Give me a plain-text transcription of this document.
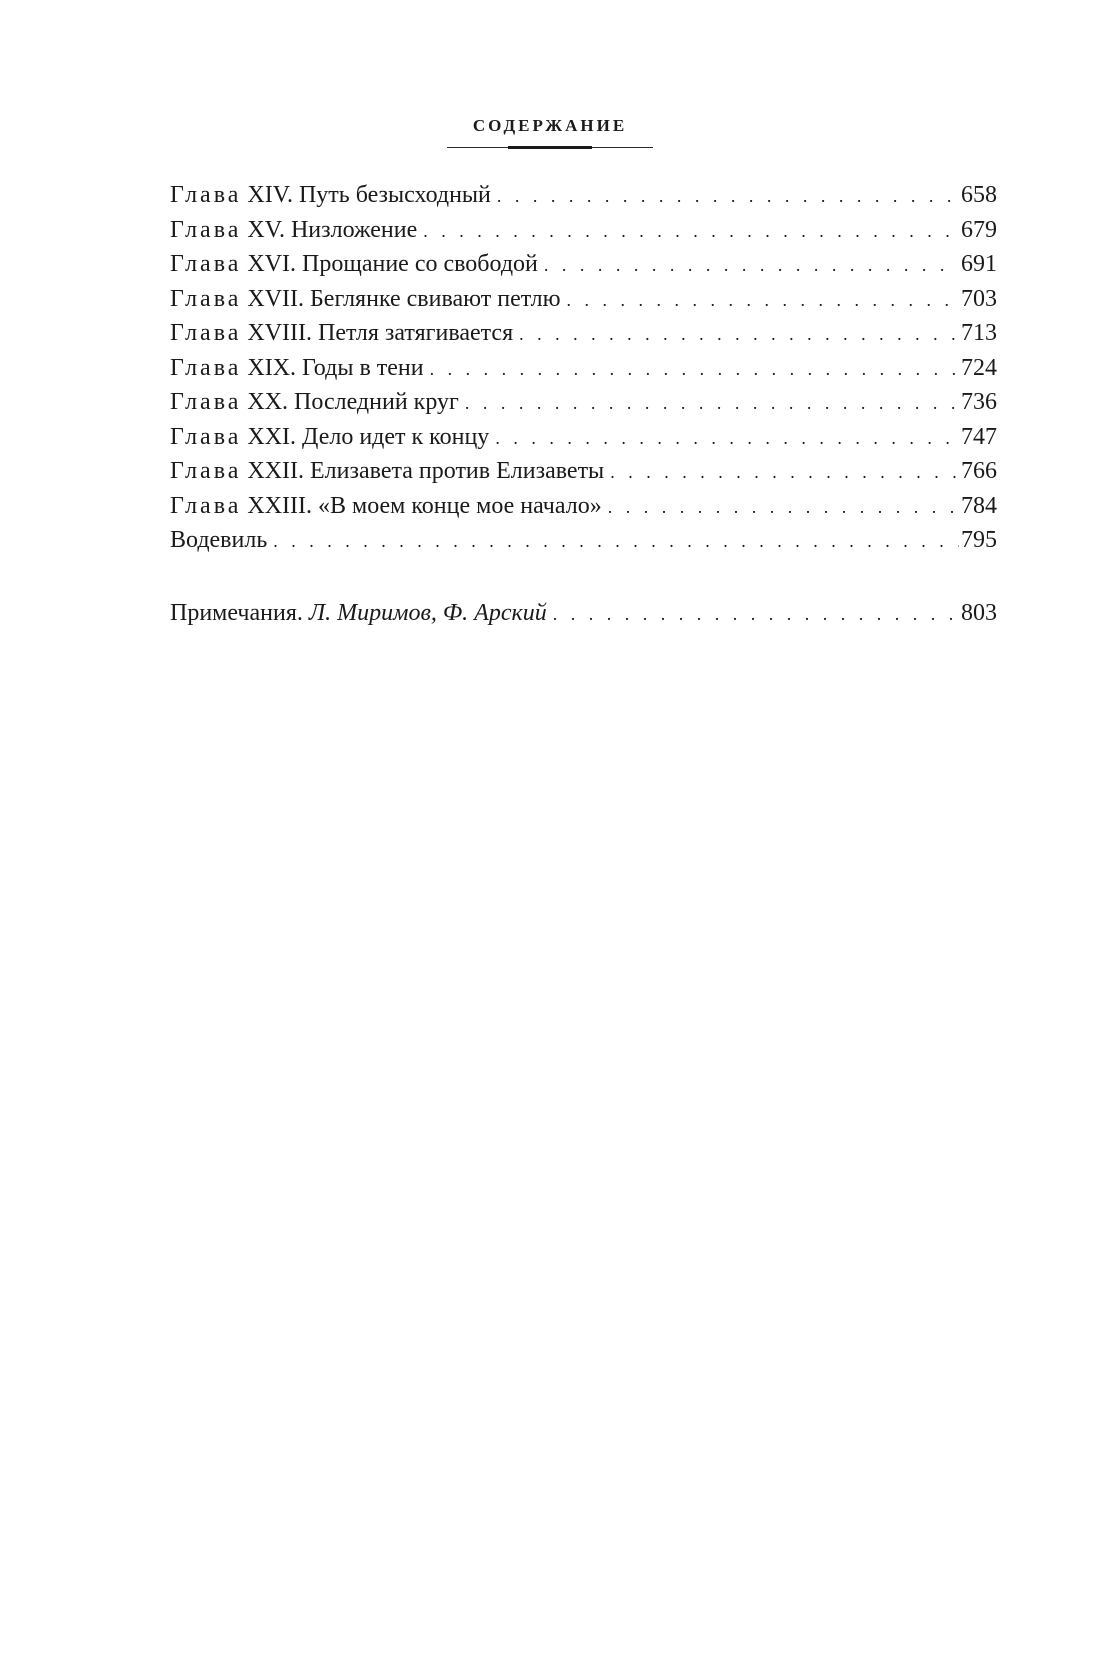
СОДЕРЖАНИЕ
Глава XIV. Путь безысходный . . .	658
Глава XV. Низложение . . .	679
Глава XVI. Прощание со свободой . . .	691
Глава XVII. Беглянке свивают петлю . . .	703
Глава XVIII. Петля затягивается . . .	713
Глава XIX. Годы в тени . . .	724
Глава XX. Последний круг . . .	736
Глава XXI. Дело идет к концу . . .	747
Глава XXII. Елизавета против Елизаветы . . .	766
Глава XXIII. «В моем конце мое начало» . . .	784
Водевиль . . .	795
Примечания. Л. Миримов, Ф. Арский . . .	803
